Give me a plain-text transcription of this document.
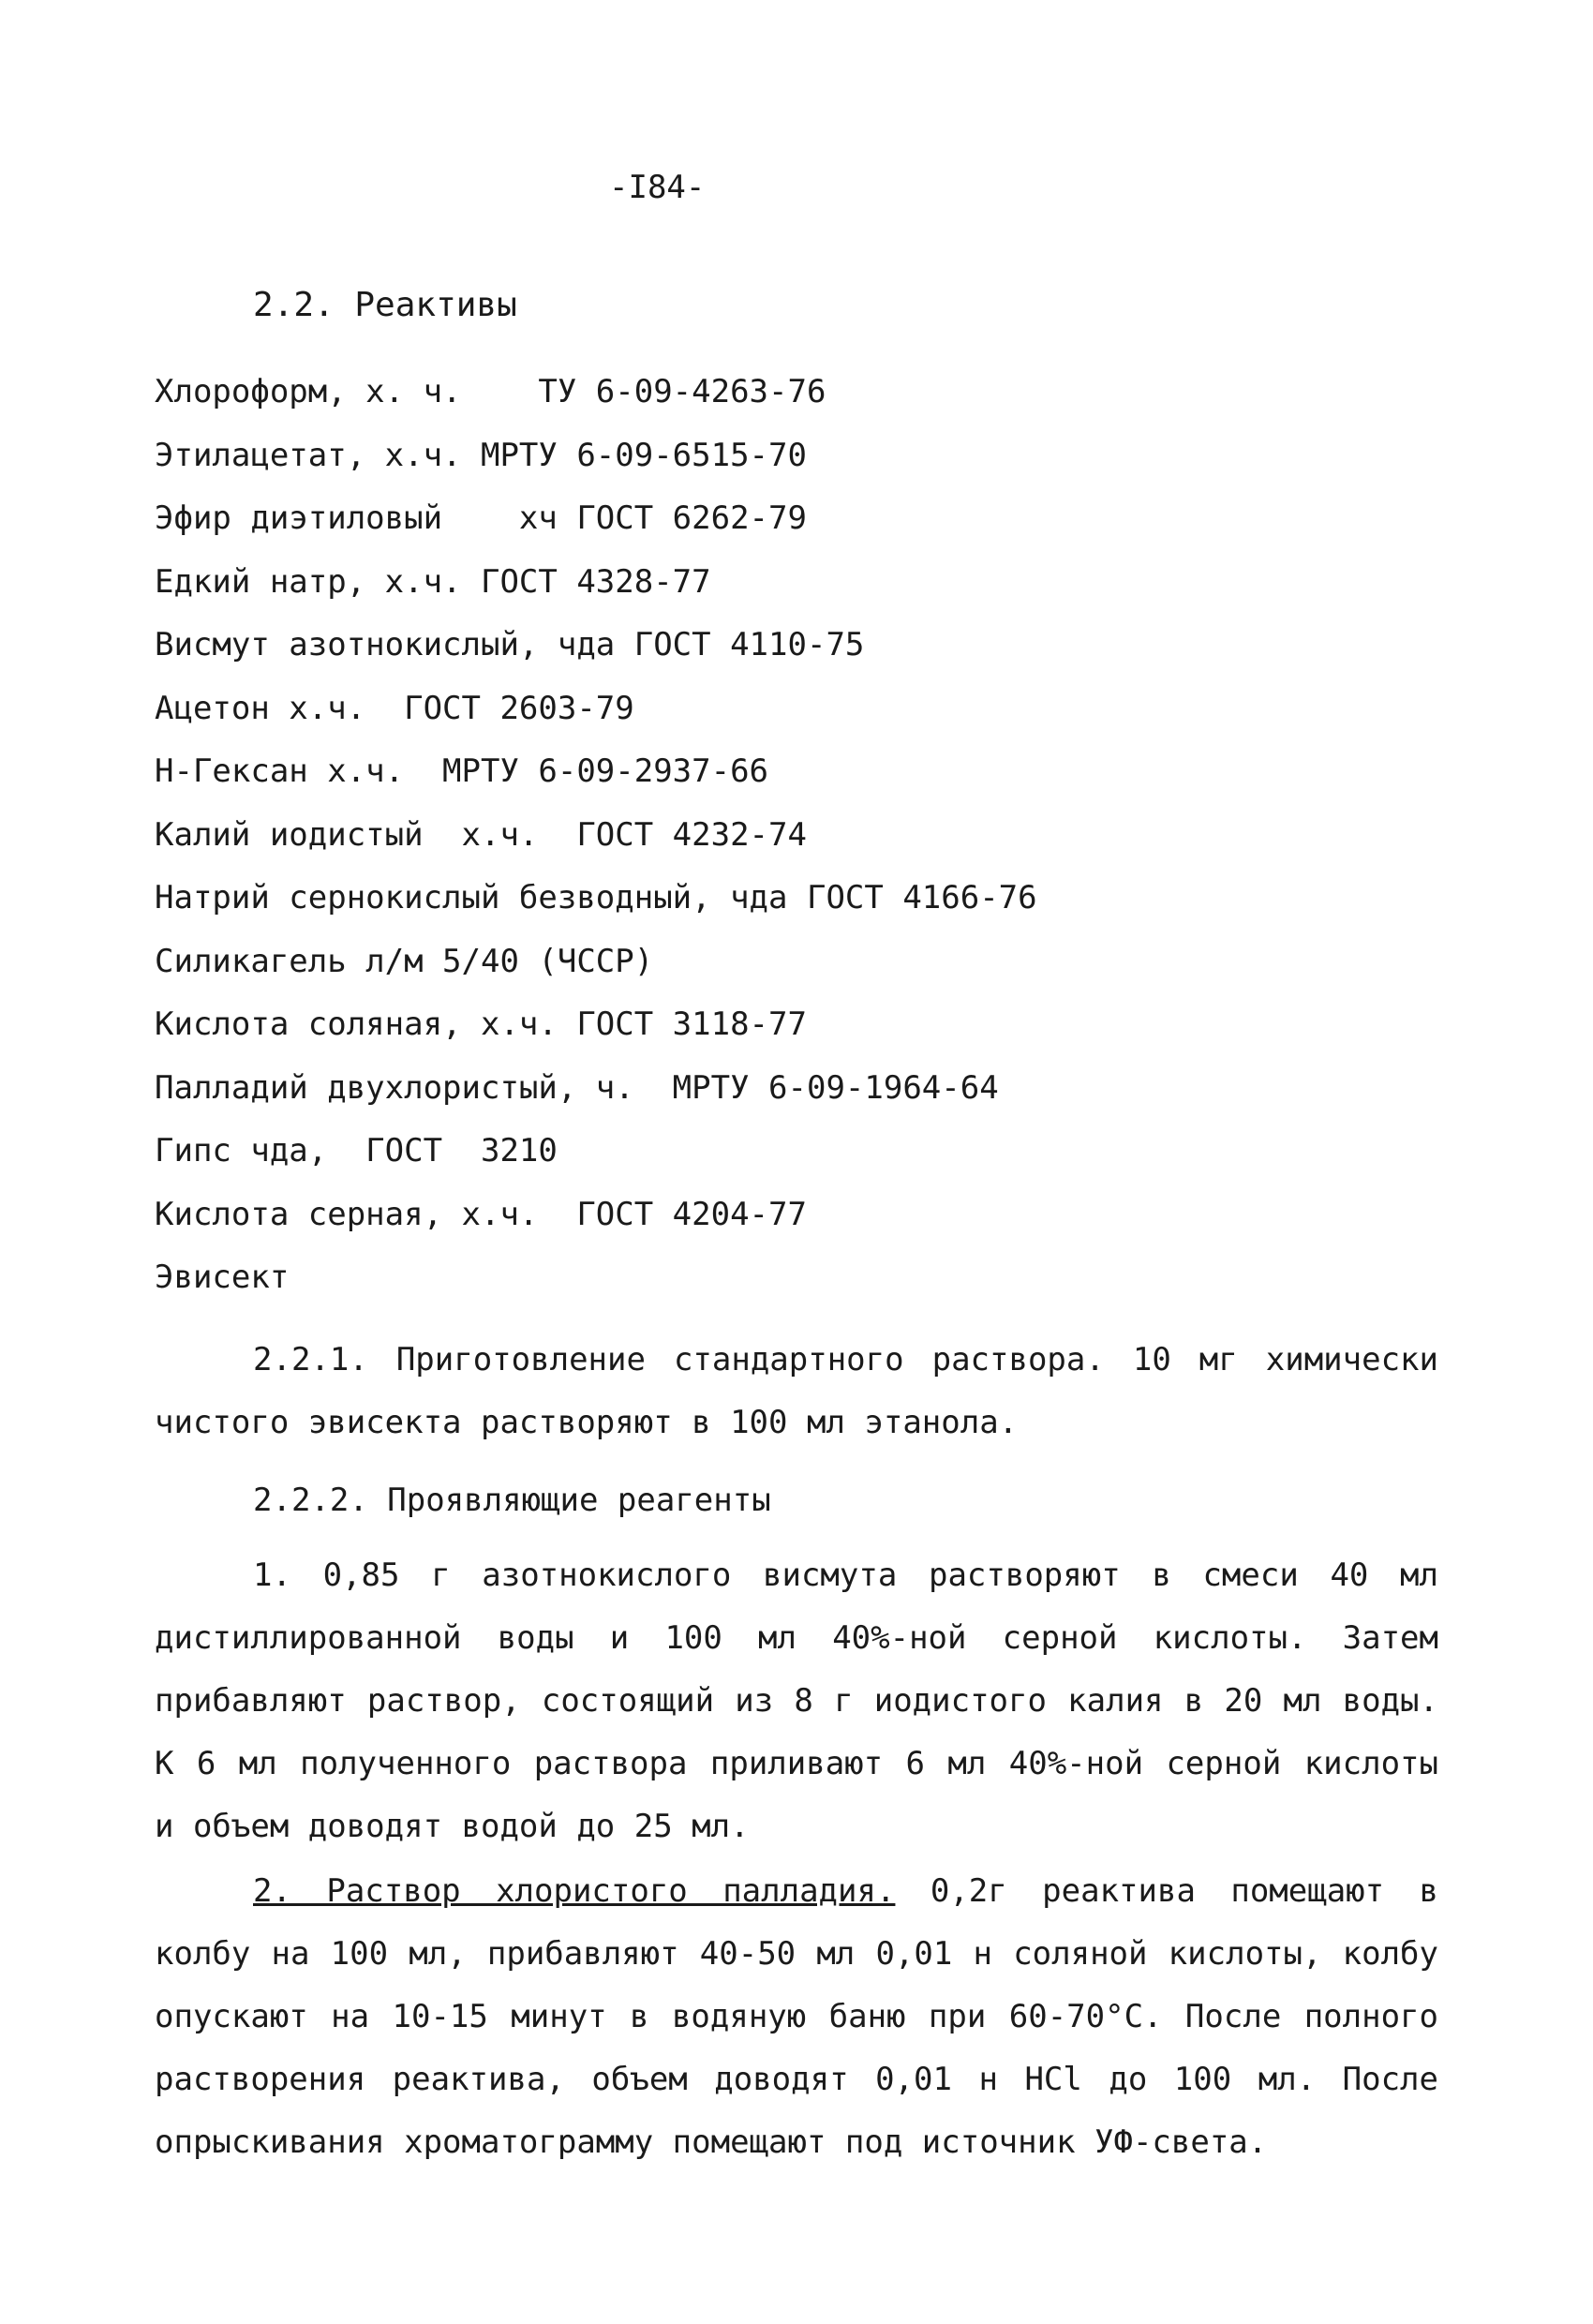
-I84-
2.2. Реактивы
Хлороформ, х. ч.    ТУ 6-09-4263-76
Этилацетат, х.ч. МРТУ 6-09-6515-70
Эфир диэтиловый    хч ГОСТ 6262-79
Едкий натр, х.ч. ГОСТ 4328-77
Висмут азотнокислый, чда ГОСТ 4110-75
Ацетон х.ч.  ГОСТ 2603-79
Н-Гексан х.ч.  МРТУ 6-09-2937-66
Калий иодистый  х.ч.  ГОСТ 4232-74
Натрий сернокислый безводный, чда ГОСТ 4166-76
Силикагель л/м 5/40 (ЧССР)
Кислота соляная, х.ч. ГОСТ 3118-77
Палладий двухлористый, ч.  МРТУ 6-09-1964-64
Гипс чда,  ГОСТ  3210
Кислота серная, х.ч.  ГОСТ 4204-77
Эвисект

2.2.1. Приготовление стандартного раствора. 10 мг химически чистого эвисекта растворяют в 100 мл этанола.

2.2.2. Проявляющие реагенты

1. 0,85 г азотнокислого висмута растворяют в смеси 40 мл дистиллированной воды и 100 мл 40%-ной серной кислоты. Затем прибавляют раствор, состоящий из 8 г иодистого калия в 20 мл воды. К 6 мл полученного раствора приливают 6 мл 40%-ной серной кислоты и объем доводят водой до 25 мл.

2. Раствор хлористого палладия. 0,2г реактива помещают в колбу на 100 мл, прибавляют 40-50 мл 0,01 н соляной кислоты, колбу опускают на 10-15 минут в водяную баню при 60-70°С. После полного растворения реактива, объем доводят 0,01 н HCl до 100 мл. После опрыскивания хроматограмму помещают под источник УФ-света.
